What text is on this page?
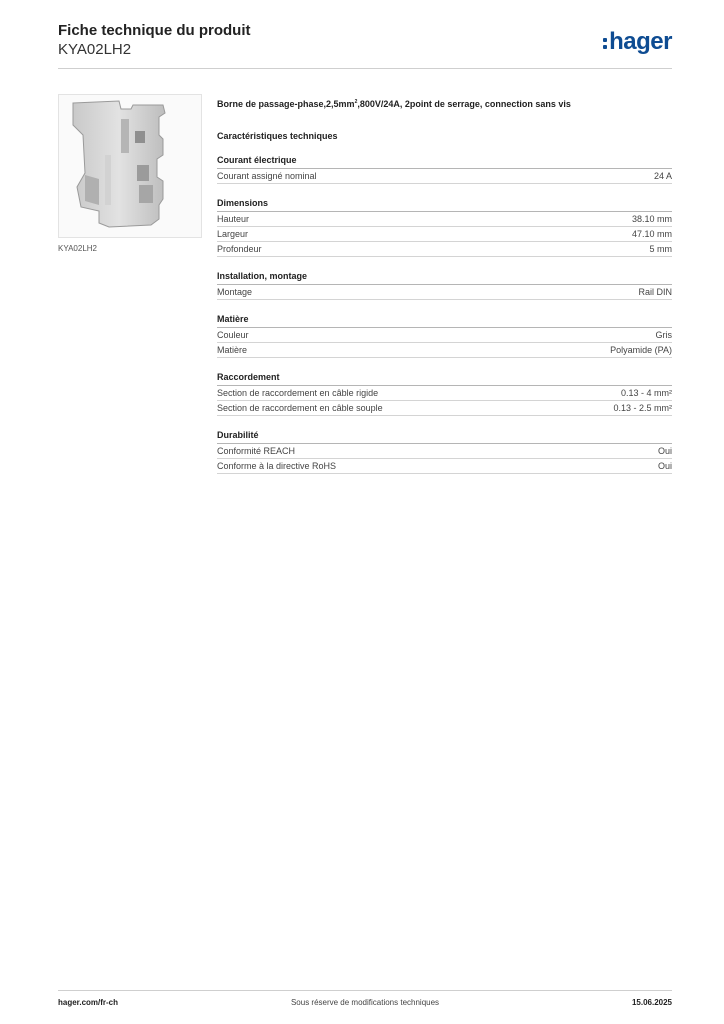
Fiche technique du produit
KYA02LH2	hager
KYA02LH2
Borne de passage-$phase,2,5mm^2,800V/24A$, 2point de serrage, connection sans vis
Caractéristiques techniques
Courant électrique
Courant assigné nominal	24 A
Dimensions
Hauteur	38.10 mm
Largeur	47.10 mm
Profondeur	5 mm
Installation, montage
Montage	Rail DIN
Matière
Couleur	Gris
Matière	Polyamide (PA)
Raccordement
Section de raccordement en câble rigide	0.13 - 4 mm²
Section de raccordement en câble souple	0.13 - 2.5 mm²
Durabilité
Conformité REACH	Oui
Conforme à la directive RoHS	Oui
hager.com/fr-ch	Sous réserve de modifications techniques	15.06.2025
